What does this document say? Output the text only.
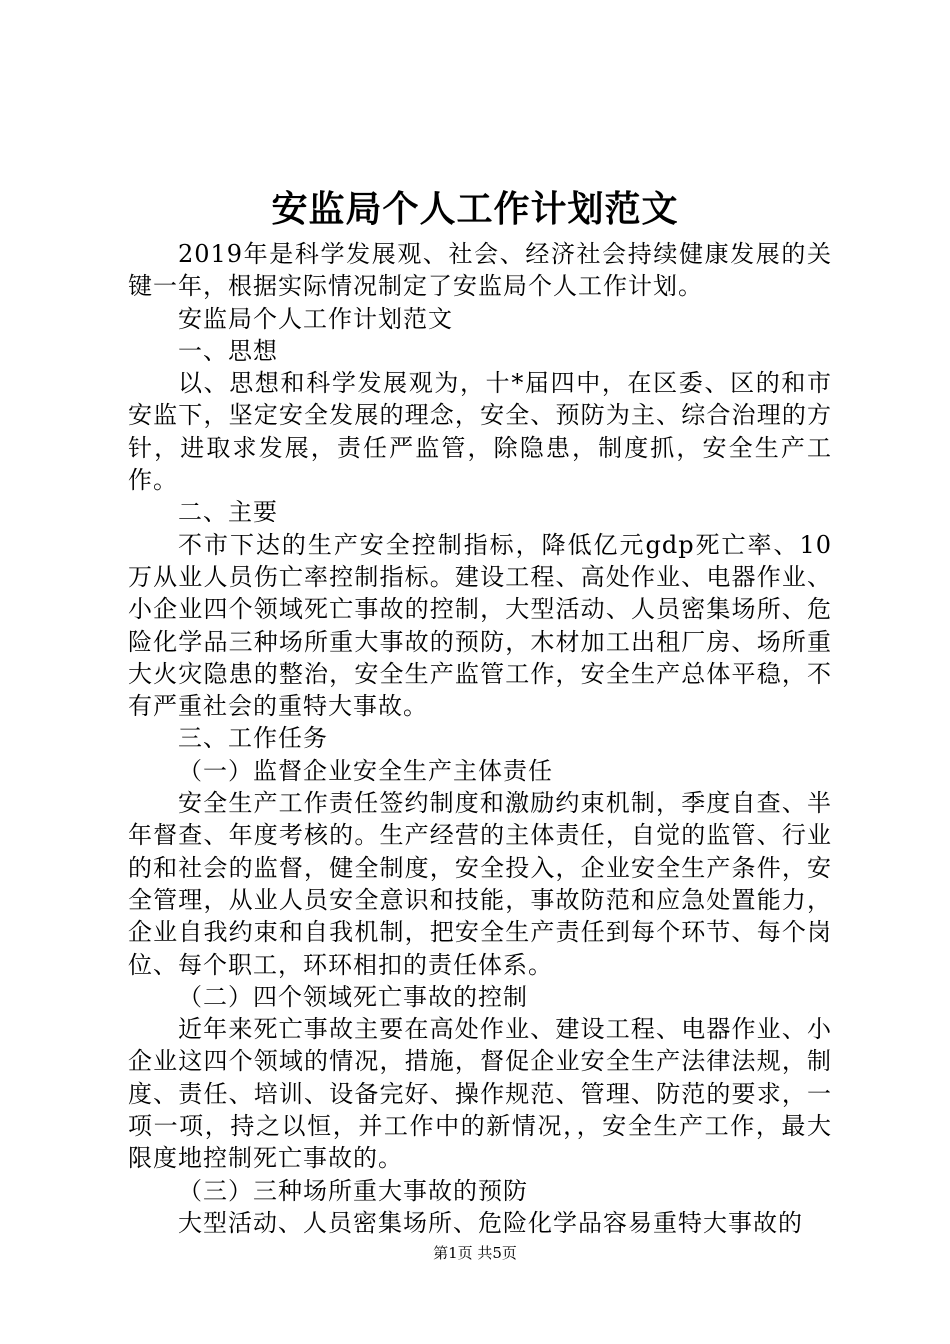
安监局个人工作计划范文

2019年是科学发展观、社会、经济社会持续健康发展的关键一年，根据实际情况制定了安监局个人工作计划。

安监局个人工作计划范文

一、思想

以、思想和科学发展观为，十*届四中，在区委、区的和市安监下，坚定安全发展的理念，安全、预防为主、综合治理的方针，进取求发展，责任严监管，除隐患，制度抓，安全生产工作。

二、主要

不市下达的生产安全控制指标，降低亿元gdp死亡率、10万从业人员伤亡率控制指标。建设工程、高处作业、电器作业、小企业四个领域死亡事故的控制，大型活动、人员密集场所、危险化学品三种场所重大事故的预防，木材加工出租厂房、场所重大火灾隐患的整治，安全生产监管工作，安全生产总体平稳，不有严重社会的重特大事故。

三、工作任务

（一）监督企业安全生产主体责任

安全生产工作责任签约制度和激励约束机制，季度自查、半年督查、年度考核的。生产经营的主体责任，自觉的监管、行业的和社会的监督，健全制度，安全投入，企业安全生产条件，安全管理，从业人员安全意识和技能，事故防范和应急处置能力，企业自我约束和自我机制，把安全生产责任到每个环节、每个岗位、每个职工，环环相扣的责任体系。

（二）四个领域死亡事故的控制

近年来死亡事故主要在高处作业、建设工程、电器作业、小企业这四个领域的情况，措施，督促企业安全生产法律法规，制度、责任、培训、设备完好、操作规范、管理、防范的要求，一项一项，持之以恒，并工作中的新情况，，安全生产工作，最大限度地控制死亡事故的。

（三）三种场所重大事故的预防

大型活动、人员密集场所、危险化学品容易重特大事故的

第1页 共5页
